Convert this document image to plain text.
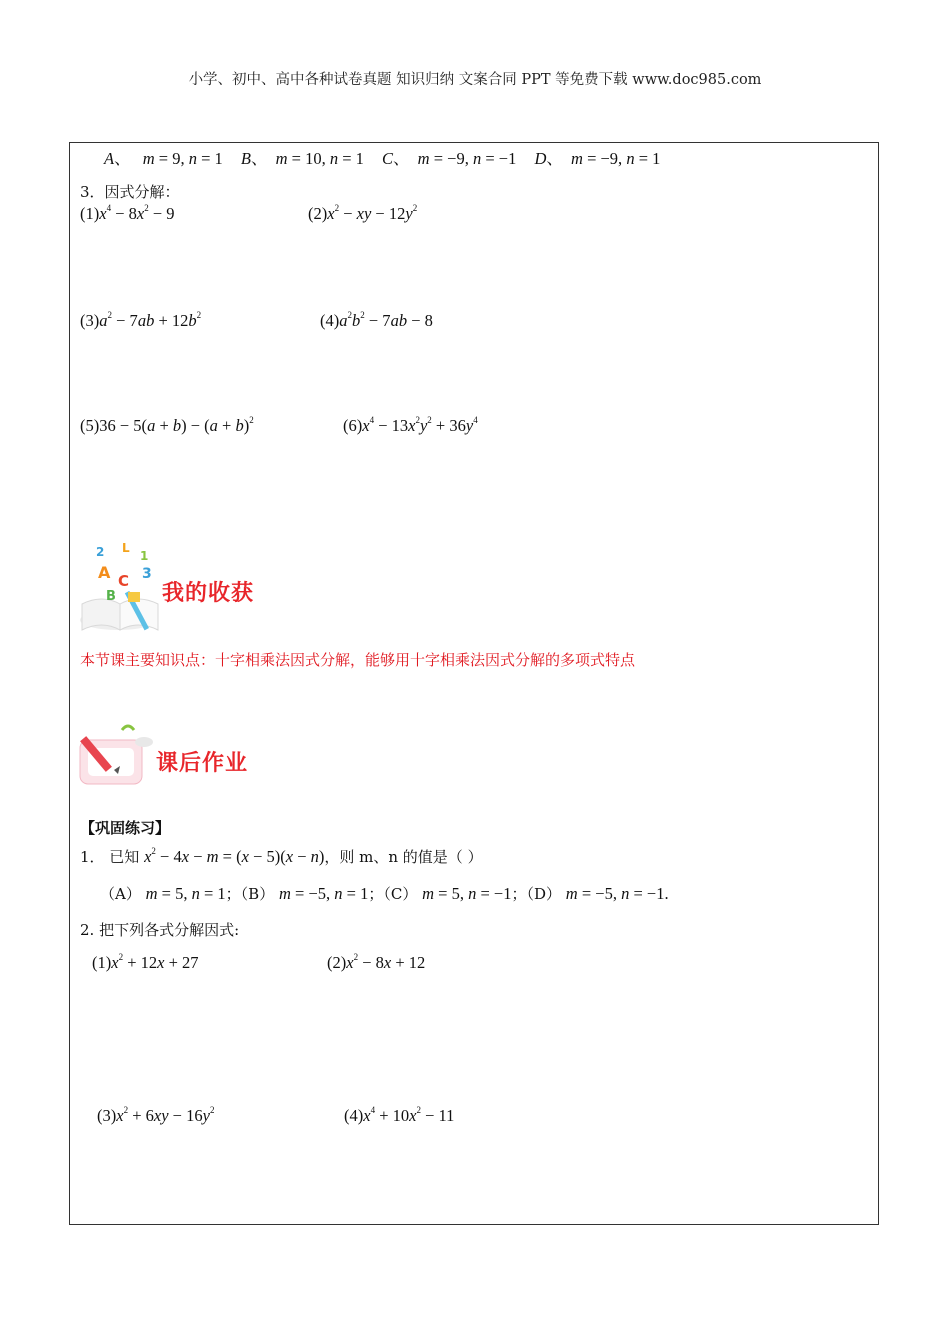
小学、初中、高中各种试卷真题 知识归纳 文案合同 PPT 等免费下载 www.doc985.com
A、 m = 9, n = 1 B、 m = 10, n = 1 C、 m = −9, n = −1 D、 m = −9, n = 1
3．因式分解：
$(1)x^4 - 8x^2 - 9$	$(2)x^2$ − xy − $12y^2$
$(3)a^2 - 7ab + 12b^2$	$(4)a^2b^2 - 7ab - 8$
$(5)36 - 5(a + b) - (a + b)^2$	$(6)x^4 - 13x^2y^2 + 36y^4$
2 L
1
A C 3
B 我的收获
本节课主要知识点：十字相乘法因式分解，能够用十字相乘法因式分解的多项式特点
课后作业
【巩固练习】
1． 已知 $x^2 - 4x - m = (x - 5)(x - n)$，则 m、n 的值是（ ）
（A） m = 5, n = 1；（B） m = −5, n = 1；（C） m = 5, n = −1；（D） m = −5, n = −1.
2. 把下列各式分解因式:
$(1)x^2 + 12x + 27$	$(2)x^2 - 8x + 12$
$(3)x^2 + 6xy - 16y^2$	$(4)x^4 + 10x^2 - 11$
